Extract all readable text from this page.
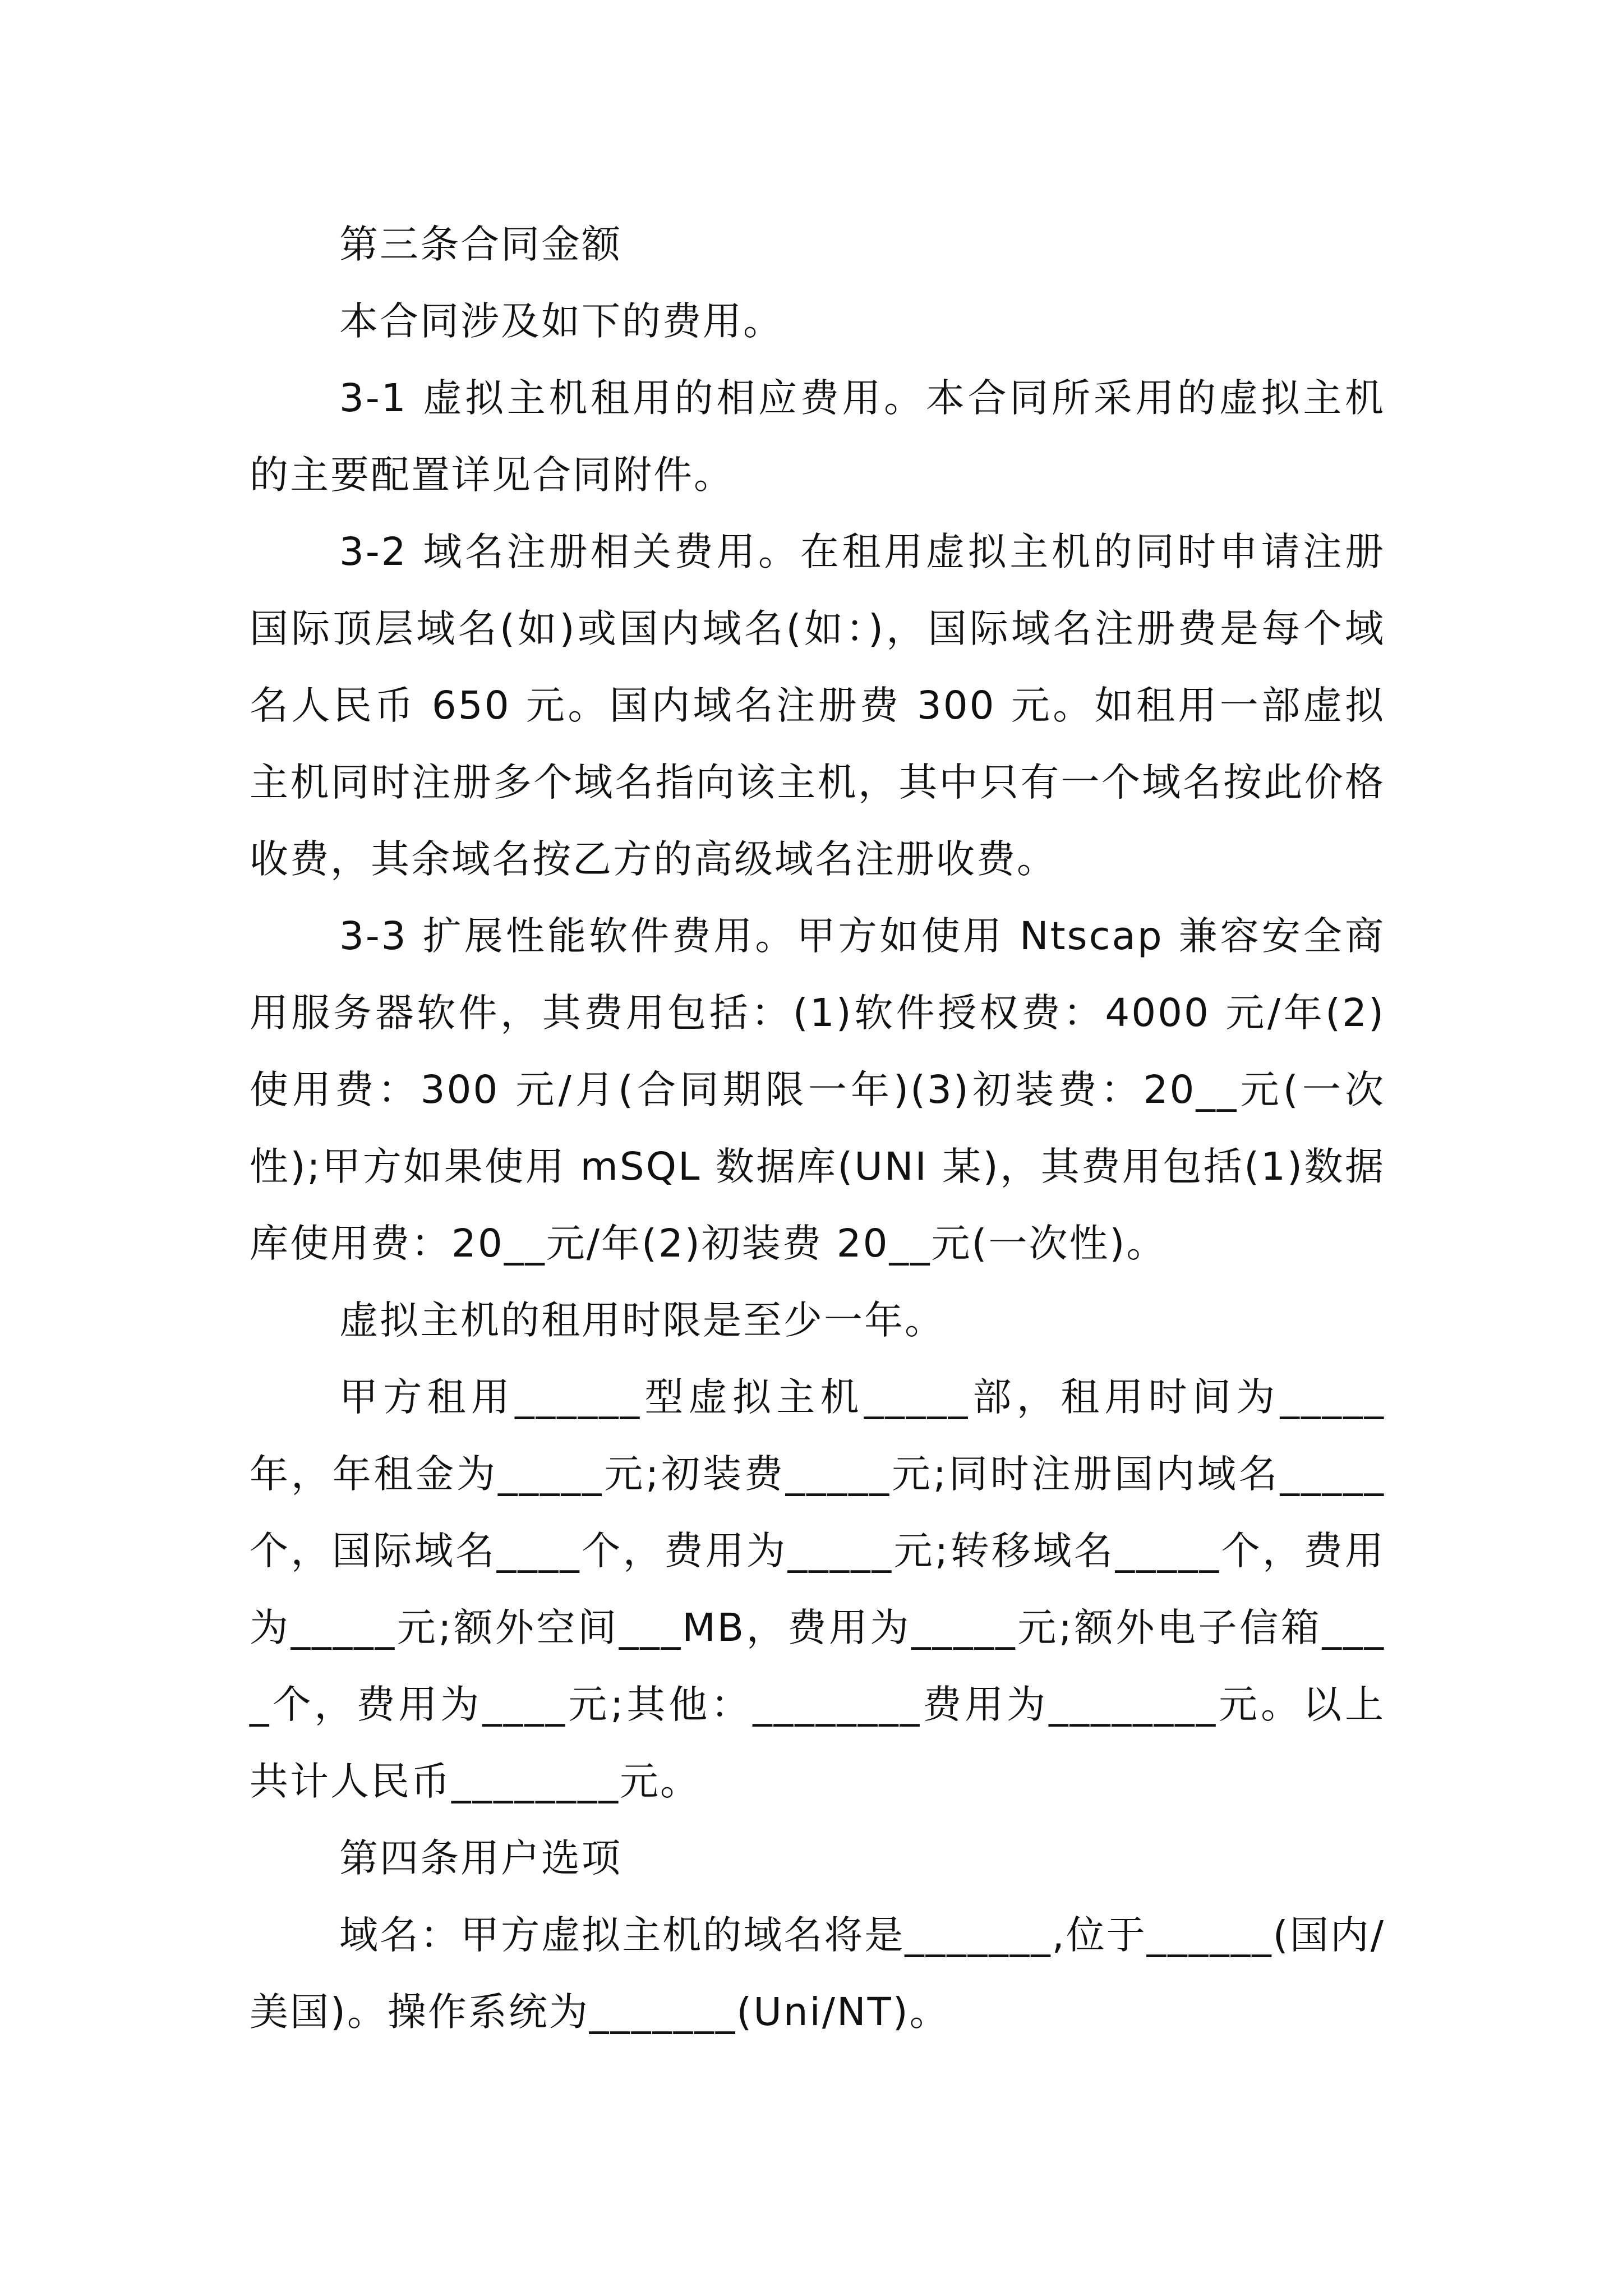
第三条合同金额

本合同涉及如下的费用。

3-1 虚拟主机租用的相应费用。本合同所采用的虚拟主机的主要配置详见合同附件。

3-2 域名注册相关费用。在租用虚拟主机的同时申请注册国际顶层域名(如)或国内域名(如：)，国际域名注册费是每个域名人民币 650 元。国内域名注册费 300 元。如租用一部虚拟主机同时注册多个域名指向该主机，其中只有一个域名按此价格收费，其余域名按乙方的高级域名注册收费。

3-3 扩展性能软件费用。甲方如使用 Ntscap 兼容安全商用服务器软件，其费用包括：(1)软件授权费：4000 元/年(2)使用费：300 元/月(合同期限一年)(3)初装费：20__元(一次性);甲方如果使用 mSQL 数据库(UNI 某)，其费用包括(1)数据库使用费：20__元/年(2)初装费 20__元(一次性)。

虚拟主机的租用时限是至少一年。

甲方租用______型虚拟主机_____部，租用时间为_____年，年租金为_____元;初装费_____元;同时注册国内域名_____个，国际域名____个，费用为_____元;转移域名_____个，费用为_____元;额外空间___MB，费用为_____元;额外电子信箱____个，费用为____元;其他：________费用为________元。以上共计人民币________元。

第四条用户选项

域名：甲方虚拟主机的域名将是_______,位于______(国内/美国)。操作系统为_______(Uni/NT)。
